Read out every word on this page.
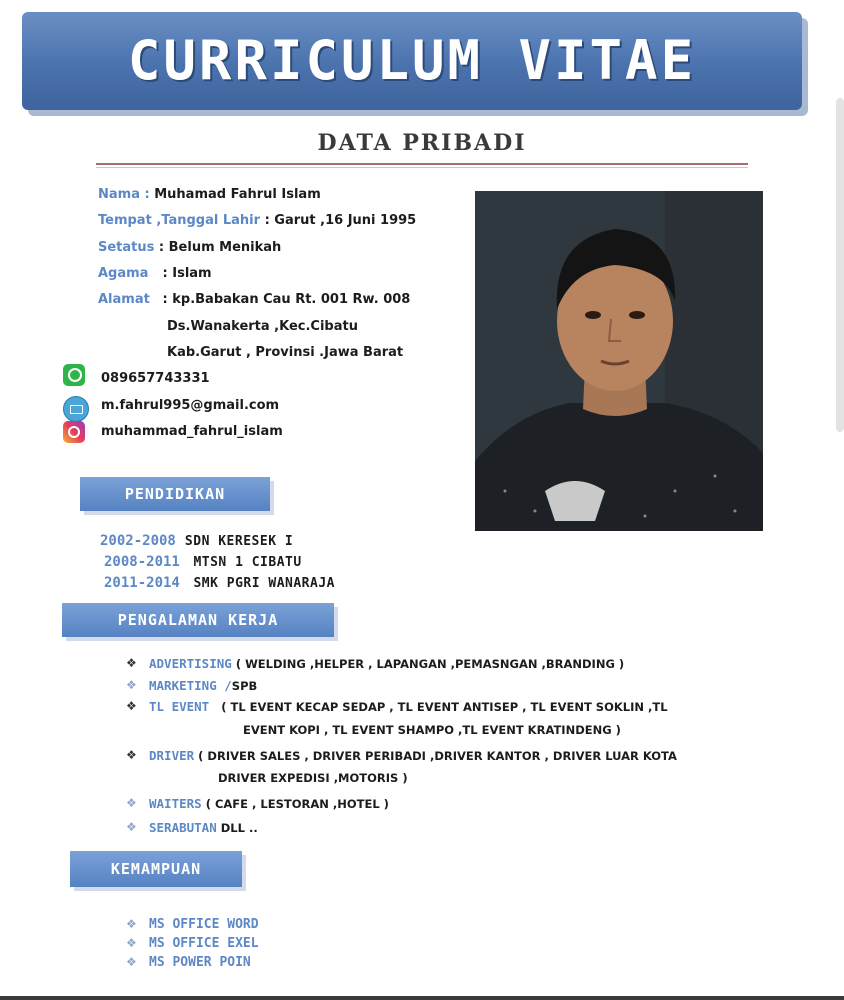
CURRICULUM VITAE
DATA PRIBADI
Nama : Muhamad Fahrul Islam
Tempat ,Tanggal Lahir : Garut ,16 Juni 1995
Setatus : Belum Menikah
Agama : Islam
Alamat : kp.Babakan Cau Rt. 001 Rw. 008
Ds.Wanakerta ,Kec.Cibatu
Kab.Garut , Provinsi .Jawa Barat
089657743331
m.fahrul995@gmail.com
muhammad_fahrul_islam
PENDIDIKAN
2002-2008 SDN KERESEK I
2008-2011 MTSN 1 CIBATU
2011-2014 SMK PGRI WANARAJA
PENGALAMAN KERJA
❖ ADVERTISING ( WELDING ,HELPER , LAPANGAN ,PEMASNGAN ,BRANDING )
❖ MARKETING /SPB
❖ TL EVENT ( TL EVENT KECAP SEDAP , TL EVENT ANTISEP , TL EVENT SOKLIN ,TL
EVENT KOPI , TL EVENT SHAMPO ,TL EVENT KRATINDENG )
❖ DRIVER ( DRIVER SALES , DRIVER PERIBADI ,DRIVER KANTOR , DRIVER LUAR KOTA
DRIVER EXPEDISI ,MOTORIS )
❖ WAITERS ( CAFE , LESTORAN ,HOTEL )
❖ SERABUTAN DLL ..
KEMAMPUAN
❖ MS OFFICE WORD
❖ MS OFFICE EXEL
❖ MS POWER POIN
